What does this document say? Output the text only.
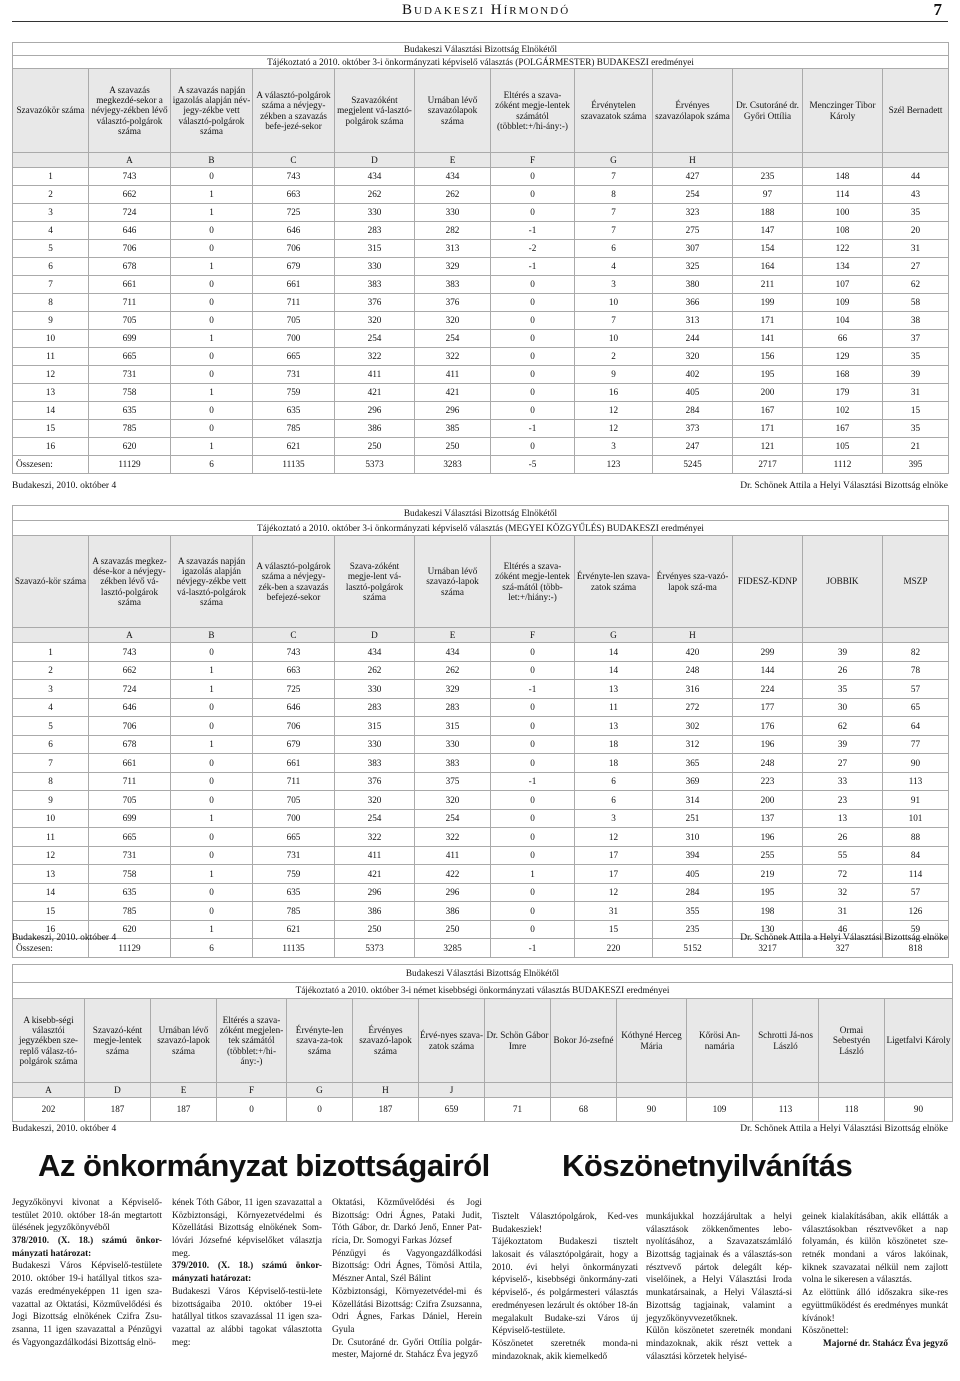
Budakeszi Hírmondó	7
Budakeszi Választási Bizottság Elnökétől											
Tájékoztató a 2010. október 3-i önkormányzati képviselő választás (POLGÁRMESTER) BUDAKESZI eredményei											
Szavazókör száma	A szavazás megkezdé-sekor a névjegy-zékben lévő választó-polgárok száma	A szavazás napján igazolás alapján név-jegy-zékbe vett választó-polgárok száma	A választó-polgárok száma a névjegy-zékben a szavazás befe-jezé-sekor	Szavazóként megjelent vá-lasztó-polgárok száma	Urnában lévő szavazólapok száma	Eltérés a szava-zóként megje-lentek számától (többlet:+/hi-ány:-)	Érvénytelen szavazatok száma	Érvényes szavazólapok száma	Dr. Csutoráné dr. Győri Ottília	Menczinger Tibor Károly	Szél Bernadett
	A	B	C	D	E	F	G	H			
1	743	0	743	434	434	0	7	427	235	148	44
2	662	1	663	262	262	0	8	254	97	114	43
3	724	1	725	330	330	0	7	323	188	100	35
4	646	0	646	283	282	-1	7	275	147	108	20
5	706	0	706	315	313	-2	6	307	154	122	31
6	678	1	679	330	329	-1	4	325	164	134	27
7	661	0	661	383	383	0	3	380	211	107	62
8	711	0	711	376	376	0	10	366	199	109	58
9	705	0	705	320	320	0	7	313	171	104	38
10	699	1	700	254	254	0	10	244	141	66	37
11	665	0	665	322	322	0	2	320	156	129	35
12	731	0	731	411	411	0	9	402	195	168	39
13	758	1	759	421	421	0	16	405	200	179	31
14	635	0	635	296	296	0	12	284	167	102	15
15	785	0	785	386	385	-1	12	373	171	167	35
16	620	1	621	250	250	0	3	247	121	105	21
Összesen:	11129	6	11135	5373	3283	-5	123	5245	2717	1112	395
Budakeszi, 2010. október 4	Dr. Schönek Attila a Helyi Választási Bizottság elnöke
Budakeszi Választási Bizottság Elnökétől											
Tájékoztató a 2010. október 3-i önkormányzati képviselő választás (MEGYEI KÖZGYŰLÉS) BUDAKESZI eredményei											
Szavazó-kör száma	A szavazás megkez-dése-kor a névjegy-zékben lévő vá-lasztó-polgárok száma	A szavazás napján igazolás alapján névjegy-zékbe vett vá-lasztó-polgárok száma	A választó-polgárok száma a névjegy-zék-ben a szavazás befejezé-sekor	Szava-zóként megje-lent vá-lasztó-polgárok száma	Urnában lévő szavazó-lapok száma	Eltérés a szava-zóként megje-lentek szá-mától (több-let:+/hiány:-)	Érvényte-len szava-zatok száma	Érvényes sza-vazó-lapok szá-ma	FIDESZ-KDNP	JOBBIK	MSZP
	A	B	C	D	E	F	G	H			
1	743	0	743	434	434	0	14	420	299	39	82
2	662	1	663	262	262	0	14	248	144	26	78
3	724	1	725	330	329	-1	13	316	224	35	57
4	646	0	646	283	283	0	11	272	177	30	65
5	706	0	706	315	315	0	13	302	176	62	64
6	678	1	679	330	330	0	18	312	196	39	77
7	661	0	661	383	383	0	18	365	248	27	90
8	711	0	711	376	375	-1	6	369	223	33	113
9	705	0	705	320	320	0	6	314	200	23	91
10	699	1	700	254	254	0	3	251	137	13	101
11	665	0	665	322	322	0	12	310	196	26	88
12	731	0	731	411	411	0	17	394	255	55	84
13	758	1	759	421	422	1	17	405	219	72	114
14	635	0	635	296	296	0	12	284	195	32	57
15	785	0	785	386	386	0	31	355	198	31	126
16	620	1	621	250	250	0	15	235	130	46	59
Összesen:	11129	6	11135	5373	3285	-1	220	5152	3217	327	818
Budakeszi, 2010. október 4	Dr. Schönek Attila a Helyi Választási Bizottság elnöke
Budakeszi Választási Bizottság Elnökétől													
Tájékoztató a 2010. október 3-i német kisebbségi önkormányzati választás BUDAKESZI eredményei													
A kisebb-ségi választói jegyzékben sze-replő válasz-tó-polgárok száma	Szavazó-ként megje-lentek száma	Urnában lévő szavazó-lapok száma	Eltérés a szava-zóként megjelen-tek számától (többlet:+/hi-ány:-)	Érvényte-len szava-za-tok száma	Érvényes szavazó-lapok száma	Érvé-nyes szava-zatok száma	Dr. Schön Gábor Imre	Bokor Jó-zsefné	Kóthyné Herceg Mária	Kőrösi An-namária	Schrotti Já-nos László	Ormai Sebestyén László	Ligetfalvi Károly
A	D	E	F	G	H	J							
202	187	187	0	0	187	659	71	68	90	109	113	118	90
Budakeszi, 2010. október 4	Dr. Schönek Attila a Helyi Választási Bizottság elnöke
Az önkormányzat bizottságairól Köszönetnyilvánítás

Jegyzőkönyvi kivonat a Képviselő-testület 2010. október 18-án megtartott ülésének jegyzőkönyvéből

378/2010. (X. 18.) számú önkor-mányzati határozat:

Budakeszi Város Képviselő-testülete 2010. október 19-i hatállyal titkos sza-vazás eredményeképpen 11 igen sza-vazattal az Oktatási, Közművelődési és Jogi Bizottság elnökének Czifra Zsu-zsanna, 11 igen szavazattal a Pénzügyi és Vagyongazdálkodási Bizottság elnö-

kének Tóth Gábor, 11 igen szavazattal a Közbiztonsági, Környezetvédelmi és Közellátási Bizottság elnökének Som-lóvári Józsefné képviselőket választja meg.

379/2010. (X. 18.) számú önkor-mányzati határozat:

Budakeszi Város Képviselő-testü-lete bizottságaiba 2010. október 19-ei hatállyal titkos szavazással 11 igen sza-vazattal az alábbi tagokat választotta meg:

Oktatási, Közművelődési és Jogi Bizottság: Odri Ágnes, Pataki Judit, Tóth Gábor, dr. Darkó Jenő, Enner Pat-rícia, Dr. Somogyi Farkas József

Pénzügyi és Vagyongazdálkodási Bizottság: Odri Ágnes, Tömösi Attila, Mészner Antal, Szél Bálint

Közbiztonsági, Környezetvédel-mi és Közellátási Bizottság: Czifra Zsuzsanna, Odri Ágnes, Farkas Dániel, Herein Gyula

Dr. Csutoráné dr. Győri Ottília polgár-mester, Majorné dr. Stahácz Éva jegyző

Tisztelt Választópolgárok, Ked-ves Budakesziek!

Tájékoztatom Budakeszi tisztelt lakosait és választópolgárait, hogy a 2010. évi helyi önkormányzati képviselő-, kisebbségi önkormány-zati képviselő-, és polgármesteri választás eredményesen lezárult és október 18-án megalakult Budake-szi Város új Képviselő-testülete.

Köszönetet szeretnék monda-ni mindazoknak, akik kiemelkedő

munkájukkal hozzájárultak a helyi választások zökkenőmentes lebo-nyolításához, a Szavazatszámláló Bizottság tagjainak és a választás-son résztvevő pártok delegált kép-viselőinek, a Helyi Választási Iroda munkatársainak, a Helyi Választá-si Bizottság tagjainak, valamint a jegyzőkönyvvezetőknek.

Külön köszönetet szeretnék mondani mindazoknak, akik részt vettek a választási körzetek helyisé-

geinek kialakításában, akik ellátták a választásokban résztvevőket a nap folyamán, és külön köszönetet sze-retnék mondani a város lakóinak, kiknek szavazatai nélkül nem zajlott volna le sikeresen a választás.

Az elöttünk álló időszakra sike-res együttműködést és eredményes munkát kívánok!

Köszönettel:

Majorné dr. Stahácz Éva jegyző
